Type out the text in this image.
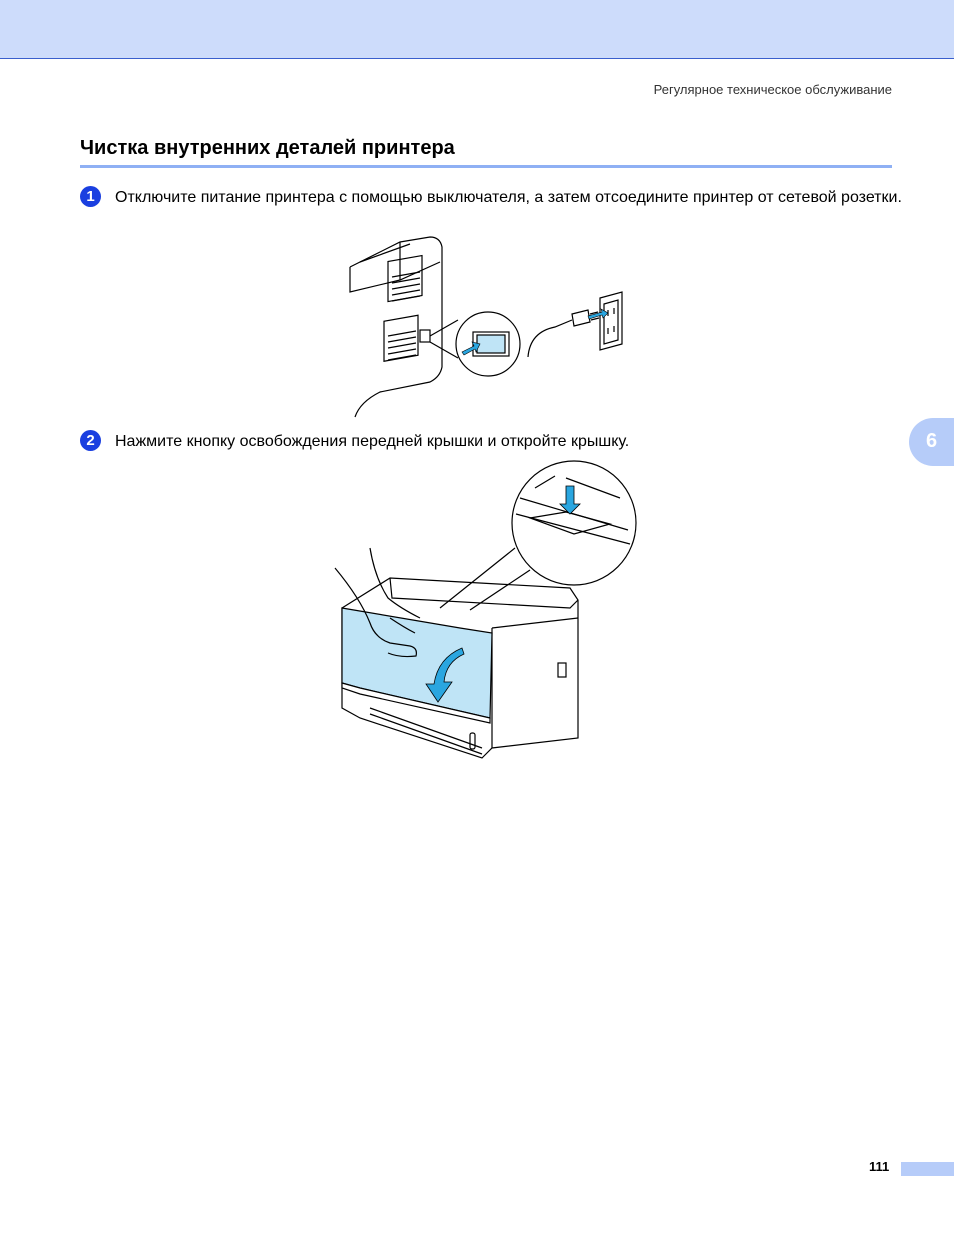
Регулярное техническое обслуживание
Чистка внутренних деталей принтера
1	Отключите питание принтера с помощью выключателя, а затем отсоедините принтер от сетевой розетки.
2	Нажмите кнопку освобождения передней крышки и откройте крышку.	6
111
